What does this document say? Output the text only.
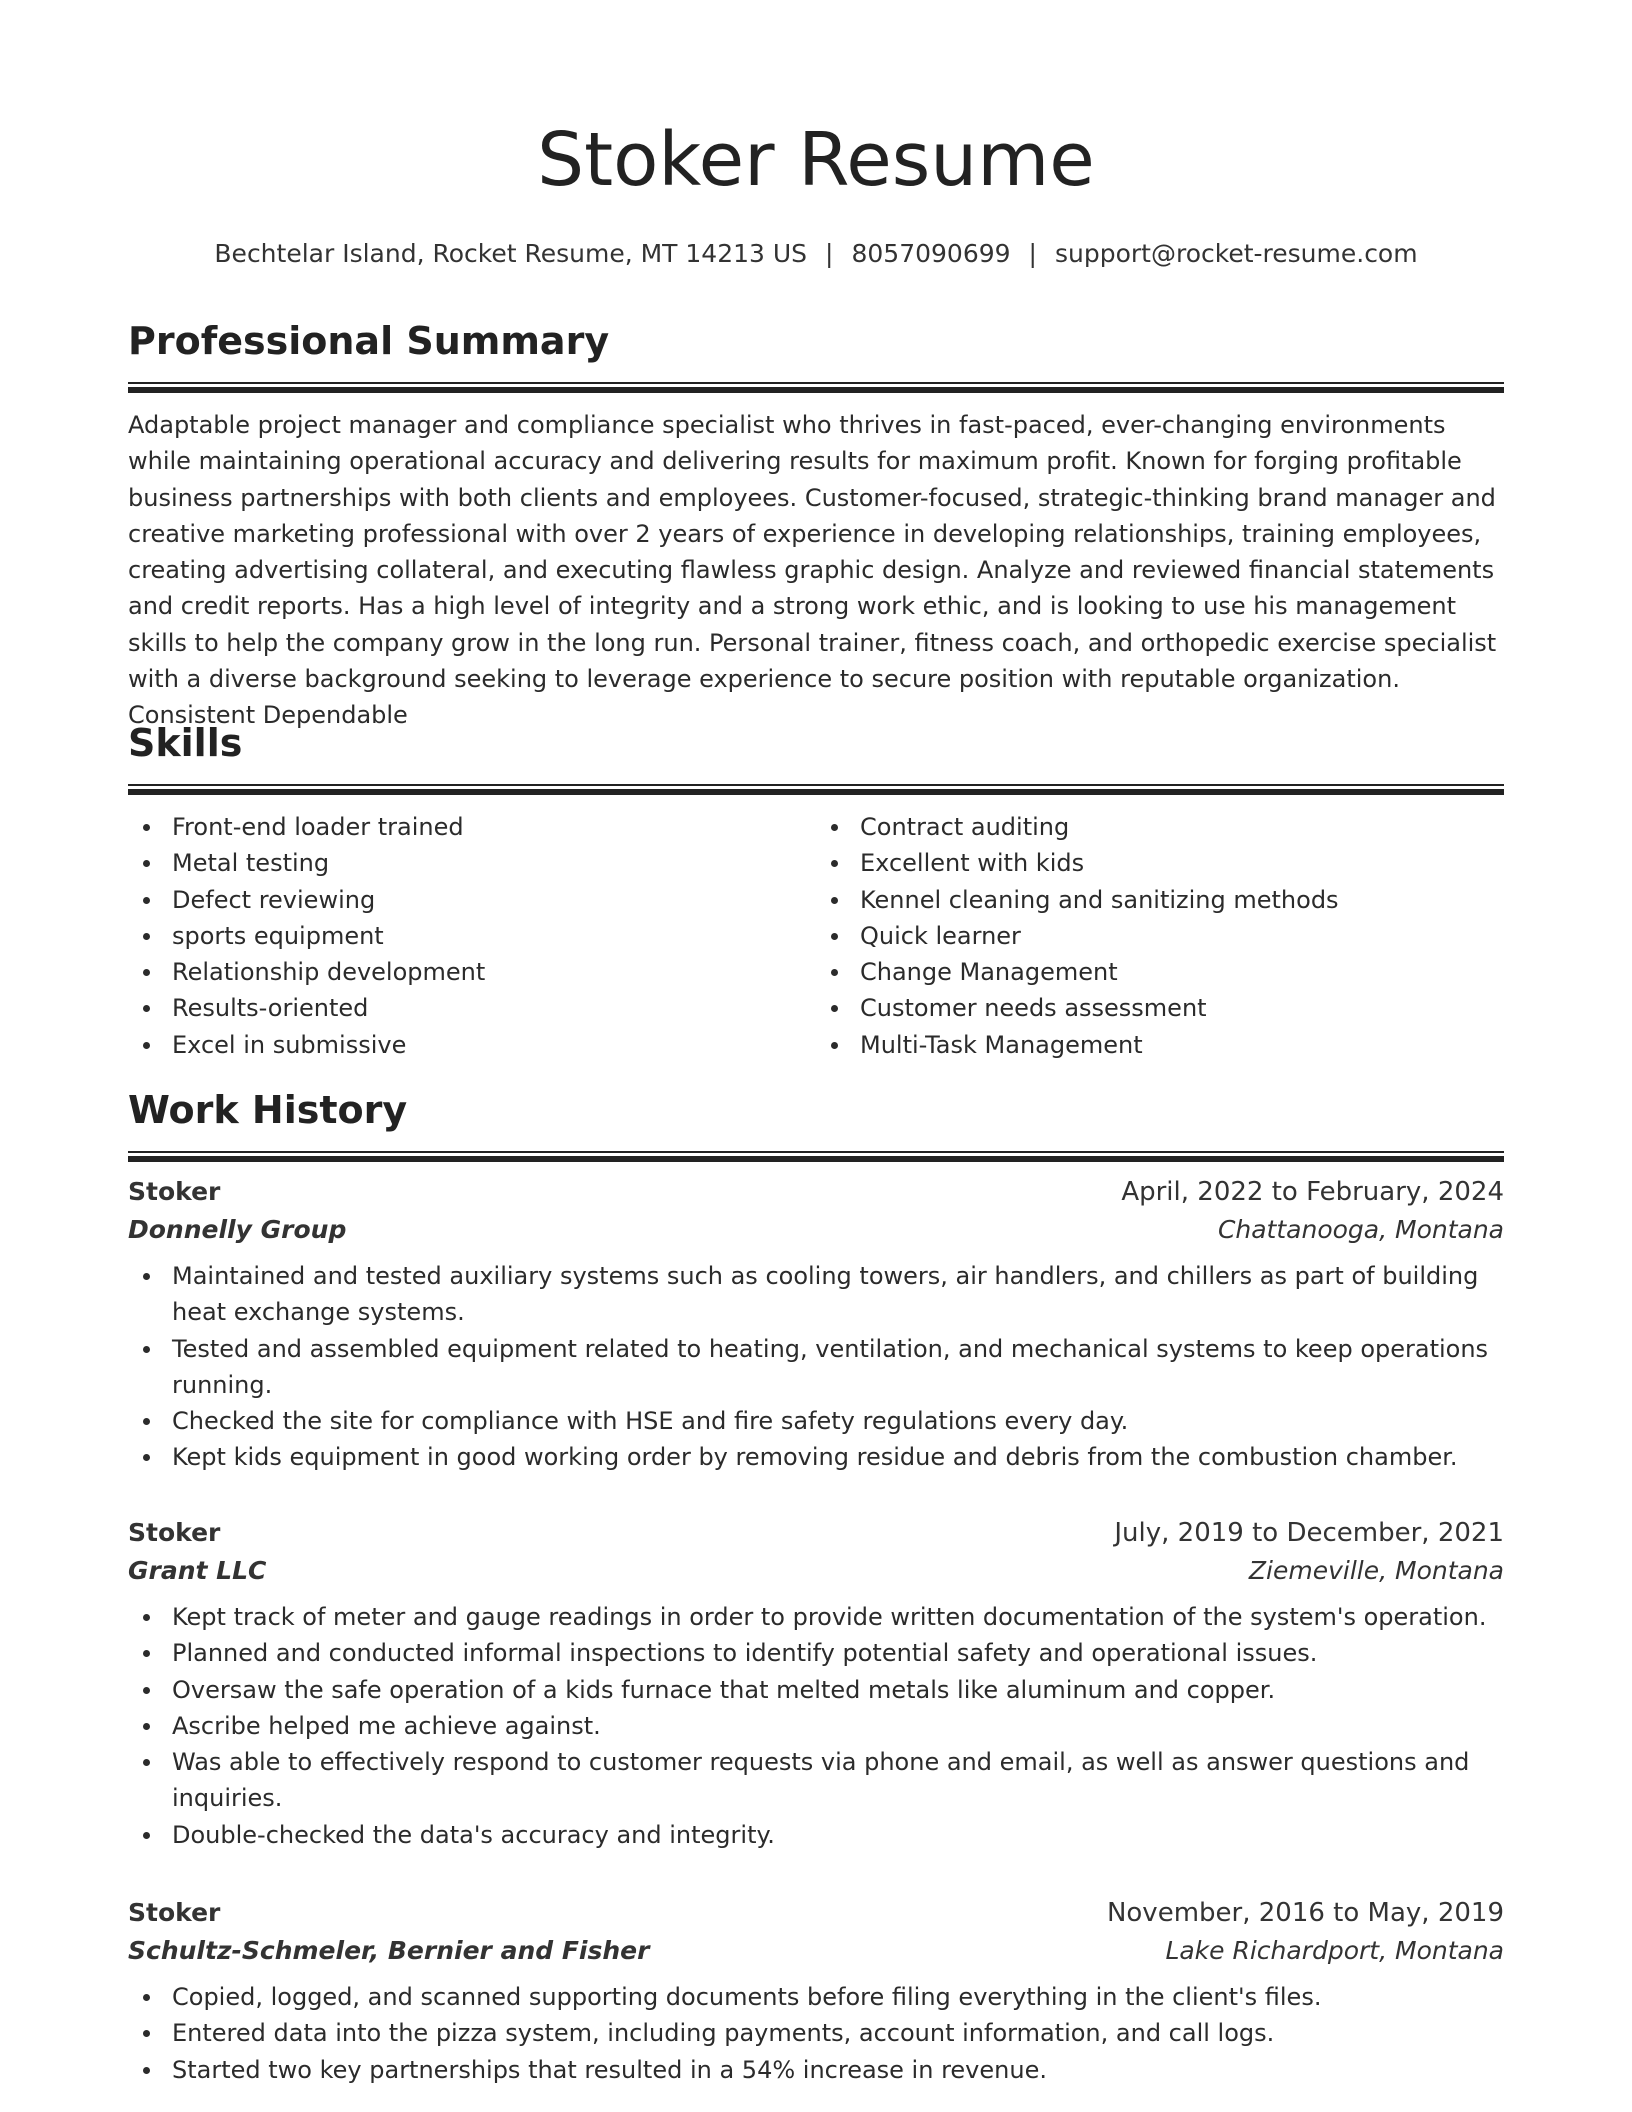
Stoker Resume
Bechtelar Island, Rocket Resume, MT 14213 US | 8057090699 | support@rocket-resume.com
Professional Summary

Adaptable project manager and compliance specialist who thrives in fast-paced, ever-changing environments while maintaining operational accuracy and delivering results for maximum profit. Known for forging profitable business partnerships with both clients and employees. Customer-focused, strategic-thinking brand manager and creative marketing professional with over 2 years of experience in developing relationships, training employees, creating advertising collateral, and executing flawless graphic design. Analyze and reviewed financial statements and credit reports. Has a high level of integrity and a strong work ethic, and is looking to use his management skills to help the company grow in the long run. Personal trainer, fitness coach, and orthopedic exercise specialist with a diverse background seeking to leverage experience to secure position with reputable organization. Consistent Dependable

Skills
Front-end loader trained
Metal testing
Defect reviewing
sports equipment
Relationship development
Results-oriented
Excel in submissive
Contract auditing
Excellent with kids
Kennel cleaning and sanitizing methods
Quick learner
Change Management
Customer needs assessment
Multi-Task Management
Work History
Stoker	April, 2022 to February, 2024
Donnelly Group	Chattanooga, Montana
Maintained and tested auxiliary systems such as cooling towers, air handlers, and chillers as part of building heat exchange systems.
Tested and assembled equipment related to heating, ventilation, and mechanical systems to keep operations running.
Checked the site for compliance with HSE and fire safety regulations every day.
Kept kids equipment in good working order by removing residue and debris from the combustion chamber.
Stoker	July, 2019 to December, 2021
Grant LLC	Ziemeville, Montana
Kept track of meter and gauge readings in order to provide written documentation of the system's operation.
Planned and conducted informal inspections to identify potential safety and operational issues.
Oversaw the safe operation of a kids furnace that melted metals like aluminum and copper.
Ascribe helped me achieve against.
Was able to effectively respond to customer requests via phone and email, as well as answer questions and inquiries.
Double-checked the data's accuracy and integrity.
Stoker	November, 2016 to May, 2019
Schultz-Schmeler, Bernier and Fisher	Lake Richardport, Montana
Copied, logged, and scanned supporting documents before filing everything in the client's files.
Entered data into the pizza system, including payments, account information, and call logs.
Started two key partnerships that resulted in a 54% increase in revenue.
